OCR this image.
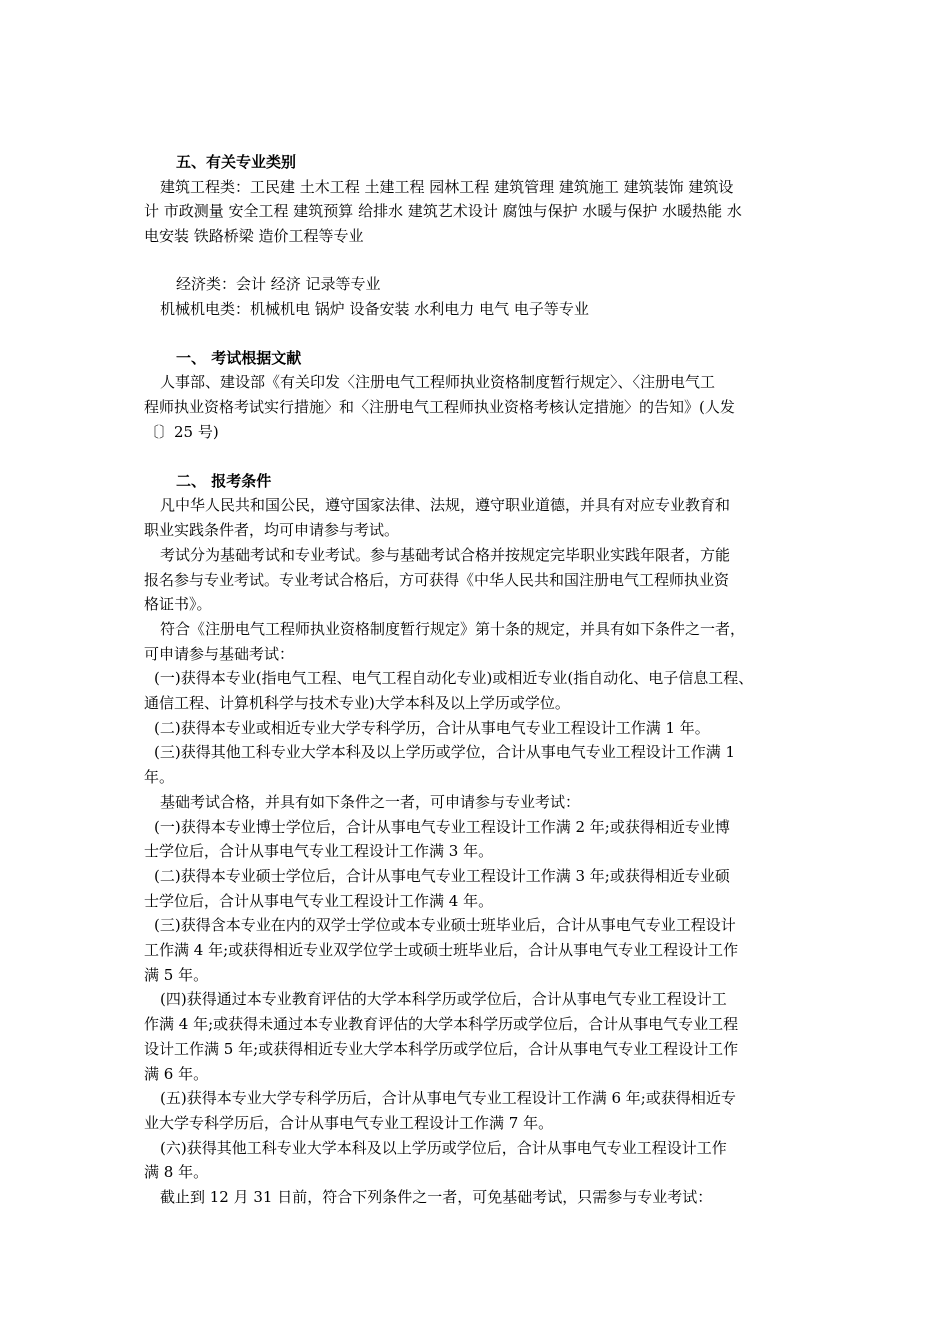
五、有关专业类别
建筑工程类：工民建 土木工程 土建工程 园林工程 建筑管理 建筑施工 建筑装饰 建筑设
计 市政测量 安全工程 建筑预算 给排水 建筑艺术设计 腐蚀与保护 水暖与保护 水暖热能 水
电安装 铁路桥梁 造价工程等专业
经济类：会计 经济 记录等专业
机械机电类：机械机电 锅炉 设备安装 水利电力 电气 电子等专业
一、 考试根据文献
人事部、建设部《有关印发〈注册电气工程师执业资格制度暂行规定〉、〈注册电气工
程师执业资格考试实行措施〉和〈注册电气工程师执业资格考核认定措施〉的告知》(人发
〔〕25 号)
二、 报考条件
凡中华人民共和国公民，遵守国家法律、法规，遵守职业道德，并具有对应专业教育和
职业实践条件者，均可申请参与考试。
考试分为基础考试和专业考试。参与基础考试合格并按规定完毕职业实践年限者，方能
报名参与专业考试。专业考试合格后，方可获得《中华人民共和国注册电气工程师执业资
格证书》。
符合《注册电气工程师执业资格制度暂行规定》第十条的规定，并具有如下条件之一者，
可申请参与基础考试：
(一)获得本专业(指电气工程、电气工程自动化专业)或相近专业(指自动化、电子信息工程、
通信工程、计算机科学与技术专业)大学本科及以上学历或学位。
(二)获得本专业或相近专业大学专科学历，合计从事电气专业工程设计工作满 1 年。
(三)获得其他工科专业大学本科及以上学历或学位，合计从事电气专业工程设计工作满 1
年。
基础考试合格，并具有如下条件之一者，可申请参与专业考试：
(一)获得本专业博士学位后，合计从事电气专业工程设计工作满 2 年;或获得相近专业博
士学位后，合计从事电气专业工程设计工作满 3 年。
(二)获得本专业硕士学位后，合计从事电气专业工程设计工作满 3 年;或获得相近专业硕
士学位后，合计从事电气专业工程设计工作满 4 年。
(三)获得含本专业在内的双学士学位或本专业硕士班毕业后，合计从事电气专业工程设计
工作满 4 年;或获得相近专业双学位学士或硕士班毕业后，合计从事电气专业工程设计工作
满 5 年。
(四)获得通过本专业教育评估的大学本科学历或学位后，合计从事电气专业工程设计工
作满 4 年;或获得未通过本专业教育评估的大学本科学历或学位后，合计从事电气专业工程
设计工作满 5 年;或获得相近专业大学本科学历或学位后，合计从事电气专业工程设计工作
满 6 年。
(五)获得本专业大学专科学历后，合计从事电气专业工程设计工作满 6 年;或获得相近专
业大学专科学历后，合计从事电气专业工程设计工作满 7 年。
(六)获得其他工科专业大学本科及以上学历或学位后，合计从事电气专业工程设计工作
满 8 年。
截止到 12 月 31 日前，符合下列条件之一者，可免基础考试，只需参与专业考试：
